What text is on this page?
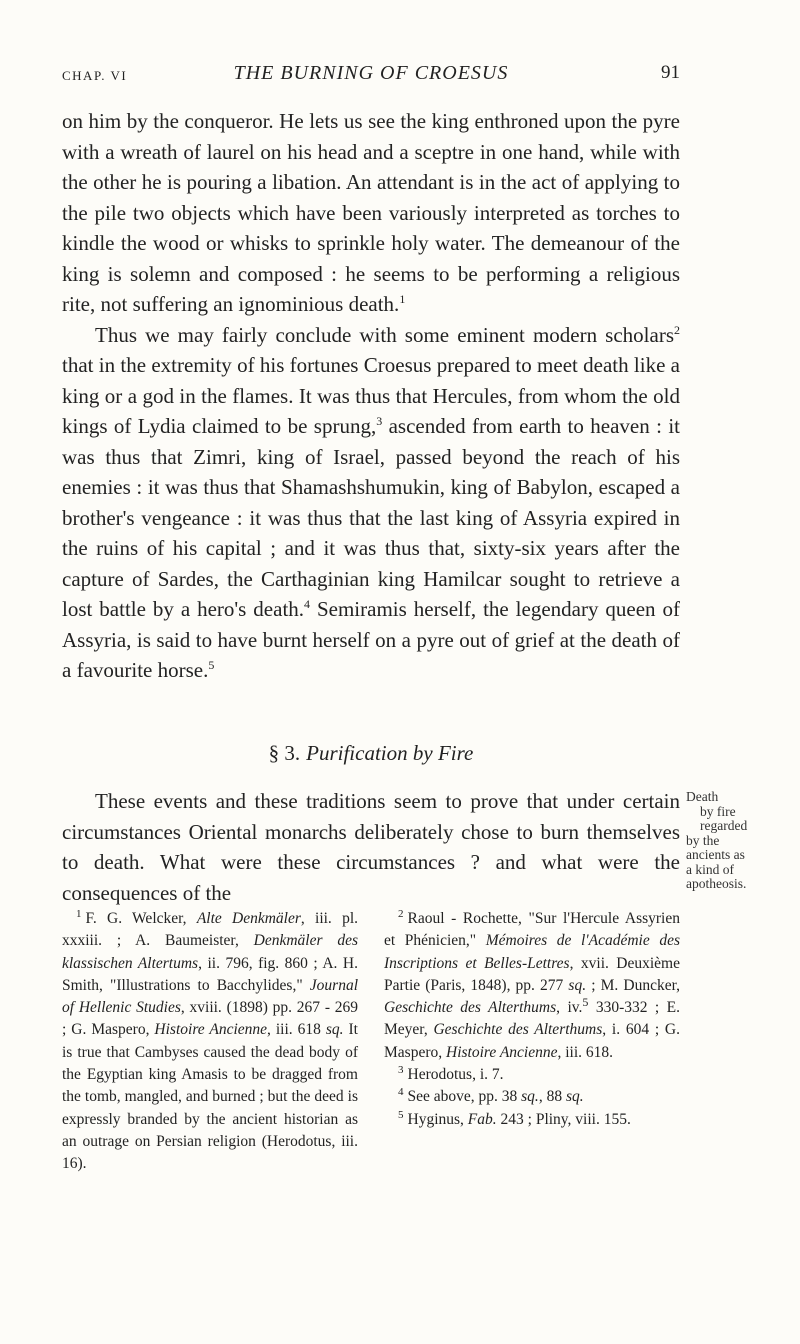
CHAP. VI	THE BURNING OF CROESUS	91

on him by the conqueror. He lets us see the king enthroned upon the pyre with a wreath of laurel on his head and a sceptre in one hand, while with the other he is pouring a libation. An attendant is in the act of applying to the pile two objects which have been variously interpreted as torches to kindle the wood or whisks to sprinkle holy water. The demeanour of the king is solemn and composed : he seems to be performing a religious rite, not suffering an ignominious death.$^1$

Thus we may fairly conclude with some eminent modern scholars$^2$ that in the extremity of his fortunes Croesus prepared to meet death like a king or a god in the flames. It was thus that Hercules, from whom the old kings of Lydia claimed to be sprung,$^3$ ascended from earth to heaven : it was thus that Zimri, king of Israel, passed beyond the reach of his enemies : it was thus that Shamashshumukin, king of Babylon, escaped a brother's vengeance : it was thus that the last king of Assyria expired in the ruins of his capital ; and it was thus that, sixty-six years after the capture of Sardes, the Carthaginian king Hamilcar sought to retrieve a lost battle by a hero's death.$^4$ Semiramis herself, the legendary queen of Assyria, is said to have burnt herself on a pyre out of grief at the death of a favourite horse.$^5$

§ 3. Purification by Fire

These events and these traditions seem to prove that under certain circumstances Oriental monarchs deliberately chose to burn themselves to death. What were these circumstances ? and what were the consequences of the

Death
by fire
regarded
by the
ancients as
a kind of
apotheosis.

$^1$ F. G. Welcker, Alte Denkmäler, iii. pl. xxxiii. ; A. Baumeister, Denkmäler des klassischen Altertums, ii. 796, fig. 860 ; A. H. Smith, "Illustrations to Bacchylides," Journal of Hellenic Studies, xviii. (1898) pp. 267 - 269 ; G. Maspero, Histoire Ancienne, iii. 618 sq. It is true that Cambyses caused the dead body of the Egyptian king Amasis to be dragged from the tomb, mangled, and burned ; but the deed is expressly branded by the ancient historian as an outrage on Persian religion (Herodotus, iii. 16).

$^2$ Raoul - Rochette, "Sur l'Hercule Assyrien et Phénicien," Mémoires de l'Académie des Inscriptions et Belles-Lettres, xvii. Deuxième Partie (Paris, 1848), pp. 277 sq. ; M. Duncker, Geschichte des Alterthums, iv.$^5$ 330-332 ; E. Meyer, Geschichte des Alterthums, i. 604 ; G. Maspero, Histoire Ancienne, iii. 618.

$^3$ Herodotus, i. 7.

$^4$ See above, pp. 38 sq., 88 sq.

$^5$ Hyginus, Fab. 243 ; Pliny, viii. 155.
